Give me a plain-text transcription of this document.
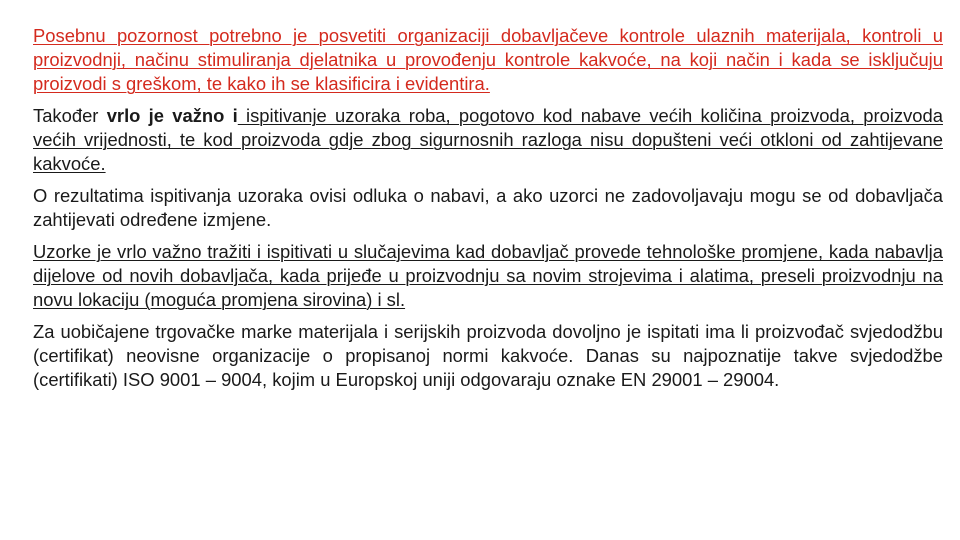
Posebnu pozornost potrebno je posvetiti organizaciji dobavljačeve kontrole ulaznih materijala, kontroli u proizvodnji, načinu stimuliranja djelatnika u provođenju kontrole kakvoće, na koji način i kada se isključuju proizvodi s greškom, te kako ih se klasificira i evidentira.

Također vrlo je važno i ispitivanje uzoraka roba, pogotovo kod nabave većih količina proizvoda, proizvoda većih vrijednosti, te kod proizvoda gdje zbog sigurnosnih razloga nisu dopušteni veći otkloni od zahtijevane kakvoće.

O rezultatima ispitivanja uzoraka ovisi odluka o nabavi, a ako uzorci ne zadovoljavaju mogu se od dobavljača zahtijevati određene izmjene.

Uzorke je vrlo važno tražiti i ispitivati u slučajevima kad dobavljač provede tehnološke promjene, kada nabavlja dijelove od novih dobavljača, kada prijeđe u proizvodnju sa novim strojevima i alatima, preseli proizvodnju na novu lokaciju (moguća promjena sirovina) i sl.

Za uobičajene trgovačke marke materijala i serijskih proizvoda dovoljno je ispitati ima li proizvođač svjedodžbu (certifikat) neovisne organizacije o propisanoj normi kakvoće. Danas su najpoznatije takve svjedodžbe (certifikati) ISO 9001 – 9004, kojim u Europskoj uniji odgovaraju oznake EN 29001 – 29004.
